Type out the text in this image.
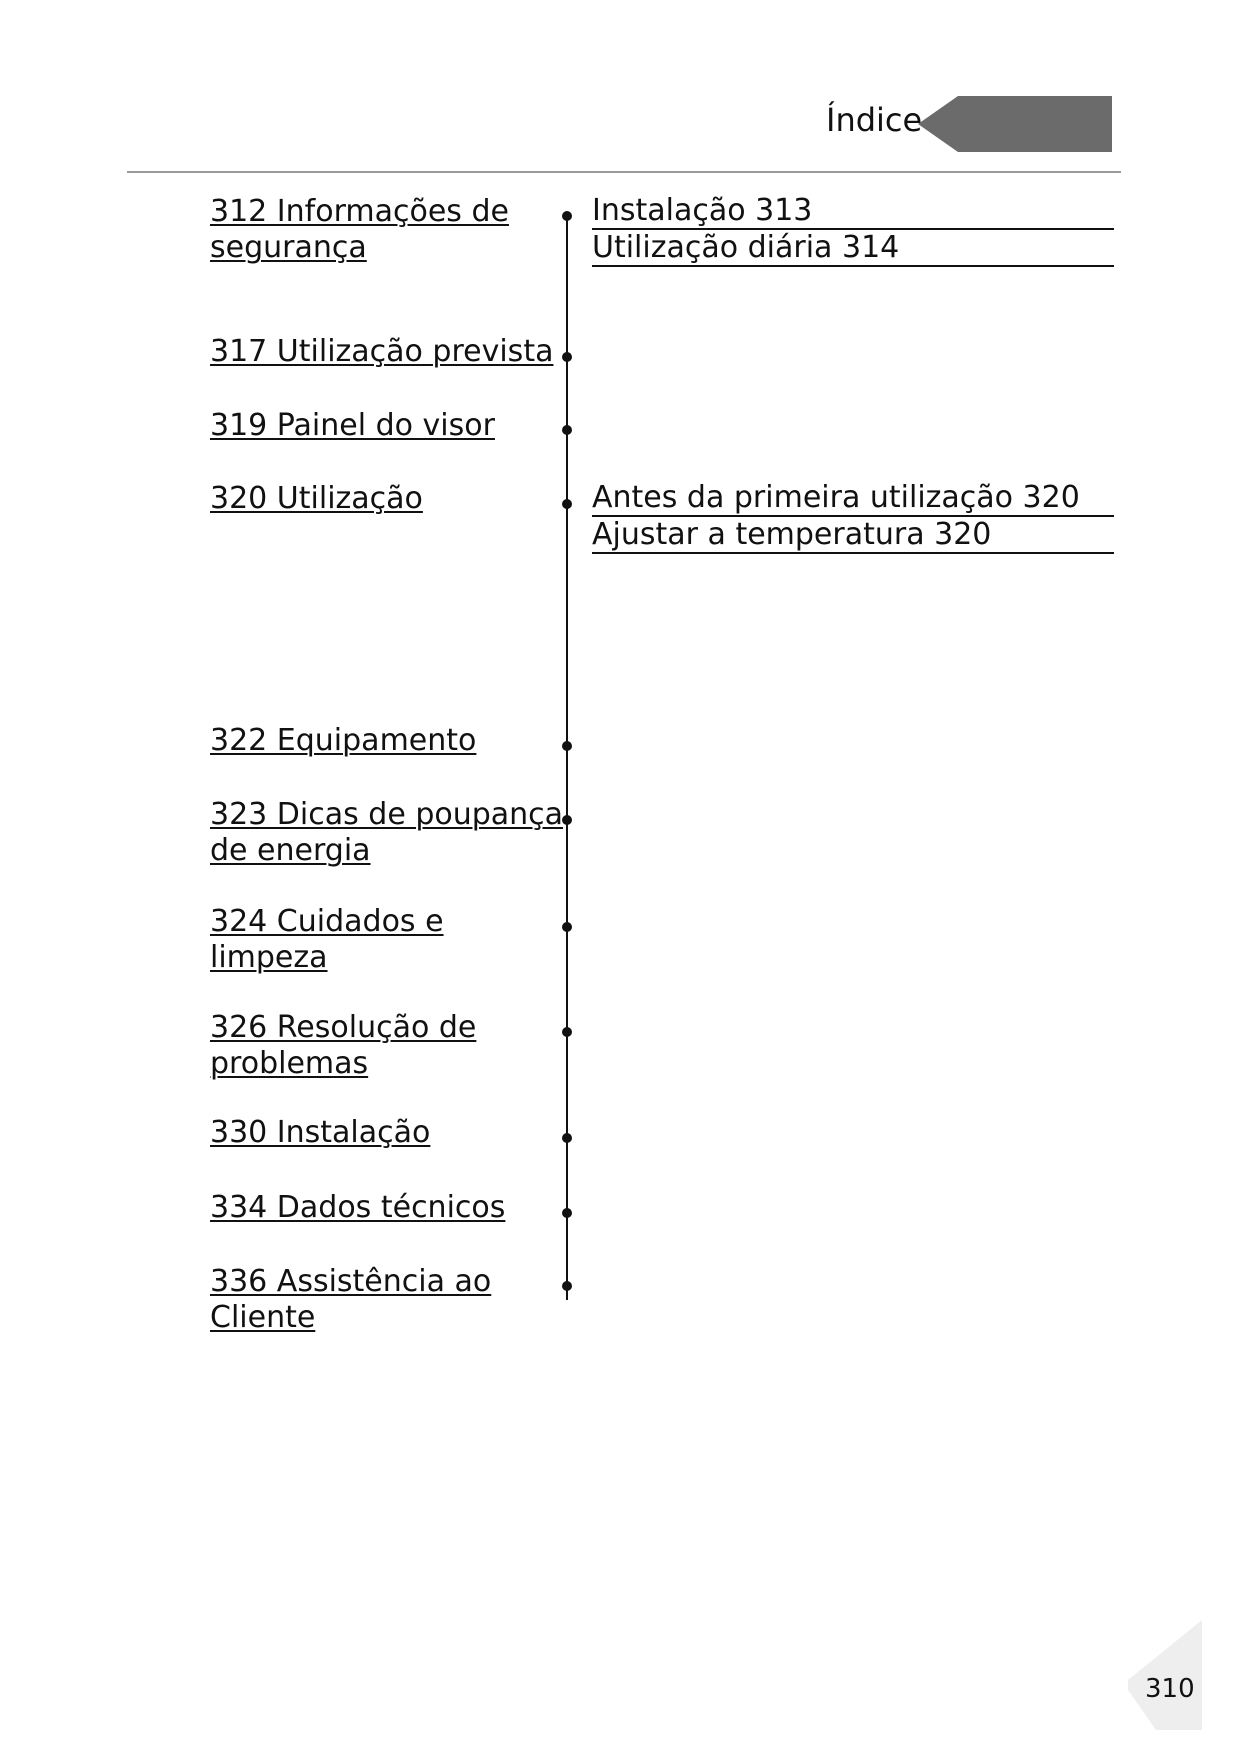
Índice
312 Informações de segurança
317 Utilização prevista
319 Painel do visor
320 Utilização
322 Equipamento
323 Dicas de poupança de energia
324 Cuidados e limpeza
326 Resolução de problemas
330 Instalação
334 Dados técnicos
336 Assistência ao Cliente
Instalação 313
Utilização diária 314
Antes da primeira utilização 320
Ajustar a temperatura 320
310
